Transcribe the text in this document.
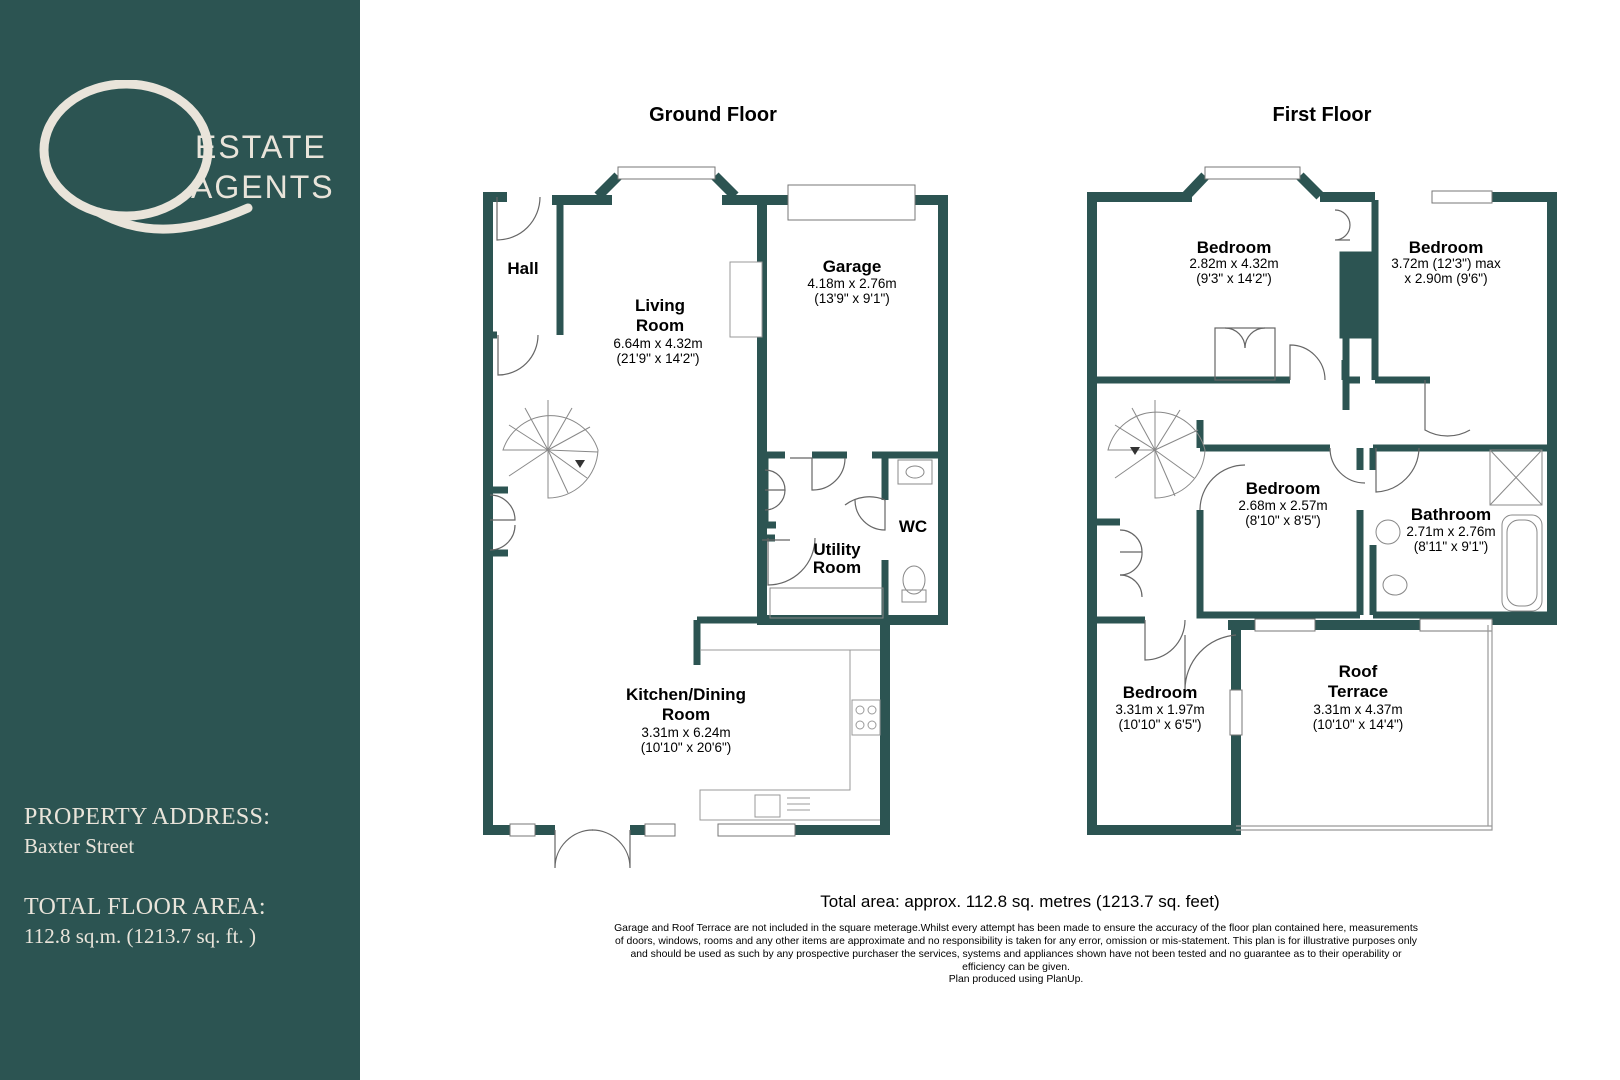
ESTATE
AGENTS
PROPERTY ADDRESS:
Baxter Street
TOTAL FLOOR AREA:
112.8 sq.m. (1213.7 sq. ft. )
Ground Floor
Hall
Living
Room
6.64m x 4.32m
(21'9" x 14'2")
Garage
4.18m x 2.76m
(13'9" x 9'1")
Utility
Room
WC
Kitchen/Dining
Room
3.31m x 6.24m
(10'10" x 20'6")
First Floor
Bedroom
2.82m x 4.32m
(9'3" x 14'2")
Bedroom
3.72m (12'3") max
x 2.90m (9'6")
Bedroom
2.68m x 2.57m
(8'10" x 8'5")	Bathroom
2.71m x 2.76m
(8'11" x 9'1")
Bedroom
3.31m x 1.97m
(10'10" x 6'5")
Roof
Terrace
3.31m x 4.37m
(10'10" x 14'4")
Total area: approx. 112.8 sq. metres (1213.7 sq. feet)
Garage and Roof Terrace are not included in the square meterage.Whilst every attempt has been made to ensure the accuracy of the floor plan contained here, measurements of doors, windows, rooms and any other items are approximate and no responsibility is taken for any error, omission or mis-statement. This plan is for illustrative purposes only and should be used as such by any prospective purchaser the services, systems and appliances shown have not been tested and no guarantee as to their operability or efficiency can be given.
Plan produced using PlanUp.
